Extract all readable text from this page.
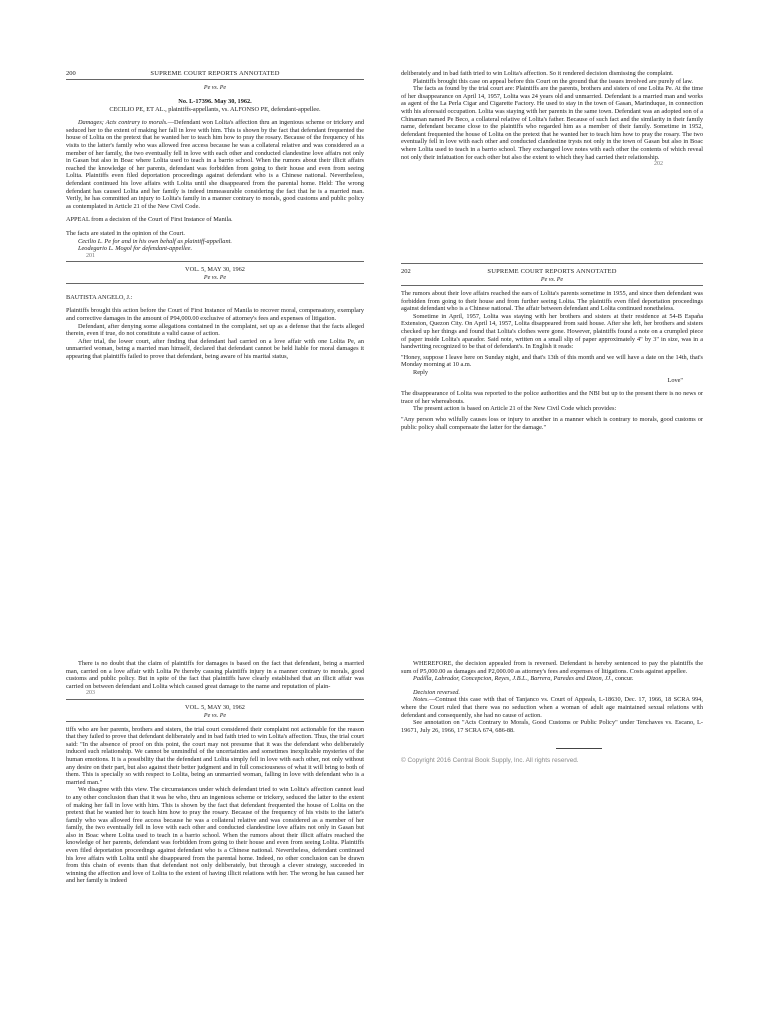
200	SUPREME COURT REPORTS ANNOTATED
Pe vs. Pe
No. L-17396. May 30, 1962.
CECILIO PE, ET AL., plaintiffs-appellants, vs. ALFONSO PE, defendant-appellee.

Damages; Acts contrary to morals.—Defendant won Lolita's affection thru an ingenious scheme or trickery and seduced her to the extent of making her fall in love with him. This is shown by the fact that defendant frequented the house of Lolita on the pretext that he wanted her to teach him how to pray the rosary. Because of the frequency of his visits to the latter's family who was allowed free access because he was a collateral relative and was considered as a member of her family, the two eventually fell in love with each other and conducted clandestine love affairs not only in Gasan but also in Boac where Lolita used to teach in a barrio school. When the rumors about their illicit affairs reached the knowledge of her parents, defendant was forbidden from going to their house and even from seeing Lolita. Plaintiffs even filed deportation proceedings against defendant who is a Chinese national. Nevertheless, defendant continued his love affairs with Lolita until she disappeared from the parental home. Held: The wrong defendant has caused Lolita and her family is indeed immeasurable considering the fact that he is a married man. Verily, he has committed an injury to Lolita's family in a manner contrary to morals, good customs and public policy as contemplated in Article 21 of the New Civil Code.

APPEAL from a decision of the Court of First Instance of Manila.

The facts are stated in the opinion of the Court.

Cecilio L. Pe for and in his own behalf as plaintiff-appellant.

Leodegario L. Mogol for defendant-appellee.

201
VOL. 5, MAY 30, 1962
Pe vs. Pe

BAUTISTA ANGELO, J.:

Plaintiffs brought this action before the Court of First Instance of Manila to recover moral, compensatory, exemplary and corrective damages in the amount of P94,000.00 exclusive of attorney's fees and expenses of litigation.

Defendant, after denying some allegations contained in the complaint, set up as a defense that the facts alleged therein, even if true, do not constitute a valid cause of action.

After trial, the lower court, after finding that defendant had carried on a love affair with one Lolita Pe, an unmarried woman, being a married man himself, declared that defendant cannot be held liable for moral damages it appearing that plaintiffs failed to prove that defendant, being aware of his marital status,

deliberately and in bad faith tried to win Lolita's affection. So it rendered decision dismissing the complaint.

Plaintiffs brought this case on appeal before this Court on the ground that the issues involved are purely of law.

The facts as found by the trial court are: Plaintiffs are the parents, brothers and sisters of one Lolita Pe. At the time of her disappearance on April 14, 1957, Lolita was 24 years old and unmarried. Defendant is a married man and works as agent of the La Perla Cigar and Cigarette Factory. He used to stay in the town of Gasan, Marinduque, in connection with his aforesaid occupation. Lolita was staying with her parents in the same town. Defendant was an adopted son of a Chinaman named Pe Beco, a collateral relative of Lolita's father. Because of such fact and the similarity in their family name, defendant became close to the plaintiffs who regarded him as a member of their family. Sometime in 1952, defendant frequented the house of Lolita on the pretext that he wanted her to teach him how to pray the rosary. The two eventually fell in love with each other and conducted clandestine trysts not only in the town of Gasan but also in Boac where Lolita used to teach in a barrio school. They exchanged love notes with each other the contents of which reveal not only their infatuation for each other but also the extent to which they had carried their relationship.

202
202	SUPREME COURT REPORTS ANNOTATED
Pe vs. Pe

The rumors about their love affairs reached the ears of Lolita's parents sometime in 1955, and since then defendant was forbidden from going to their house and from further seeing Lolita. The plaintiffs even filed deportation proceedings against defendant who is a Chinese national. The affair between defendant and Lolita continued nonetheless.

Sometime in April, 1957, Lolita was staying with her brothers and sisters at their residence at 54-B España Extension, Quezon City. On April 14, 1957, Lolita disappeared from said house. After she left, her brothers and sisters checked up her things and found that Lolita's clothes were gone. However, plaintiffs found a note on a crumpled piece of paper inside Lolita's aparador. Said note, written on a small slip of paper approximately 4" by 3" in size, was in a handwriting recognized to be that of defendant's. In English it reads:

"Honey, suppose I leave here on Sunday night, and that's 13th of this month and we will have a date on the 14th, that's Monday morning at 10 a.m.

Reply

Love"

The disappearance of Lolita was reported to the police authorities and the NBI but up to the present there is no news or trace of her whereabouts.

The present action is based on Article 21 of the New Civil Code which provides:

"Any person who wilfully causes loss or injury to another in a manner which is contrary to morals, good customs or public policy shall compensate the latter for the damage."

There is no doubt that the claim of plaintiffs for damages is based on the fact that defendant, being a married man, carried on a love affair with Lolita Pe thereby causing plaintiffs injury in a manner contrary to morals, good customs and public policy. But in spite of the fact that plaintiffs have clearly established that an illicit affair was carried on between defendant and Lolita which caused great damage to the name and reputation of plain-

203
VOL. 5, MAY 30, 1962
Pe vs. Pe

tiffs who are her parents, brothers and sisters, the trial court considered their complaint not actionable for the reason that they failed to prove that defendant deliberately and in bad faith tried to win Lolita's affection. Thus, the trial court said: "In the absence of proof on this point, the court may not presume that it was the defendant who deliberately induced such relationship. We cannot be unmindful of the uncertainties and sometimes inexplicable mysteries of the human emotions. It is a possibility that the defendant and Lolita simply fell in love with each other, not only without any desire on their part, but also against their better judgment and in full consciousness of what it will bring to both of them. This is specially so with respect to Lolita, being an unmarried woman, falling in love with defendant who is a married man."

We disagree with this view. The circumstances under which defendant tried to win Lolita's affection cannot lead to any other conclusion than that it was he who, thru an ingenious scheme or trickery, seduced the latter to the extent of making her fall in love with him. This is shown by the fact that defendant frequented the house of Lolita on the pretext that he wanted her to teach him how to pray the rosary. Because of the frequency of his visits to the latter's family who was allowed free access because he was a collateral relative and was considered as a member of her family, the two eventually fell in love with each other and conducted clandestine love affairs not only in Gasan but also in Boac where Lolita used to teach in a barrio school. When the rumors about their illicit affairs reached the knowledge of her parents, defendant was forbidden from going to their house and even from seeing Lolita. Plaintiffs even filed deportation proceedings against defendant who is a Chinese national. Nevertheless, defendant continued his love affairs with Lolita until she disappeared from the parental home. Indeed, no other conclusion can be drawn from this chain of events than that defendant not only deliberately, but through a clever strategy, succeeded in winning the affection and love of Lolita to the extent of having illicit relations with her. The wrong he has caused her and her family is indeed

WHEREFORE, the decision appealed from is reversed. Defendant is hereby sentenced to pay the plaintiffs the sum of P5,000.00 as damages and P2,000.00 as attorney's fees and expenses of litigations. Costs against appellee.

Padilla, Labrador, Concepcion, Reyes, J.B.L., Barrera, Paredes and Dizon, JJ., concur.

Decision reversed.

Notes.—Contrast this case with that of Tanjanco vs. Court of Appeals, L-18630, Dec. 17, 1966, 18 SCRA 994, where the Court ruled that there was no seduction when a woman of adult age maintained sexual relations with defendant and consequently, she had no cause of action.

See annotation on "Acts Contrary to Morals, Good Customs or Public Policy" under Tenchaves vs. Escano, L-19671, July 26, 1966, 17 SCRA 674, 686-88.

© Copyright 2016 Central Book Supply, Inc. All rights reserved.
